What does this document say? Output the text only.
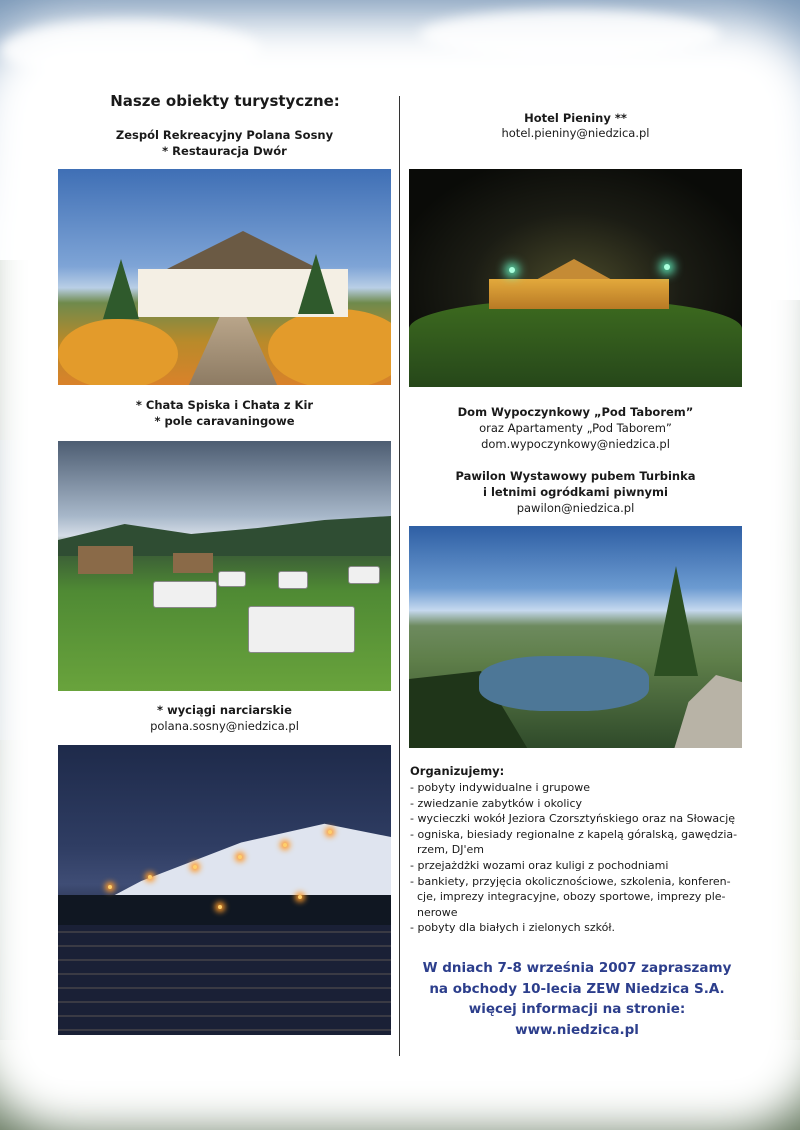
Nasze obiekty turystyczne:
Zespól Rekreacyjny Polana Sosny
* Restauracja Dwór
* Chata Spiska i Chata z Kir
* pole caravaningowe
* wyciągi narciarskie
polana.sosny@niedzica.pl
Hotel Pieniny **
hotel.pieniny@niedzica.pl
Dom Wypoczynkowy „Pod Taborem”
oraz Apartamenty „Pod Taborem”
dom.wypoczynkowy@niedzica.pl
Pawilon Wystawowy pubem Turbinka
i letnimi ogródkami piwnymi
pawilon@niedzica.pl
Organizujemy:
- pobyty indywidualne i grupowe
- zwiedzanie zabytków i okolicy
- wycieczki wokół Jeziora Czorsztyńskiego oraz na Słowację
- ogniska, biesiady regionalne z kapelą góralską, gawędzia-
rzem, DJ'em
- przejażdżki wozami oraz kuligi z pochodniami
- bankiety, przyjęcia okolicznościowe, szkolenia, konferen-
cje, imprezy integracyjne, obozy sportowe, imprezy ple-
nerowe
- pobyty dla białych i zielonych szkół.
W dniach 7-8 września 2007 zapraszamy
na obchody 10-lecia ZEW Niedzica S.A.
więcej informacji na stronie:
www.niedzica.pl
